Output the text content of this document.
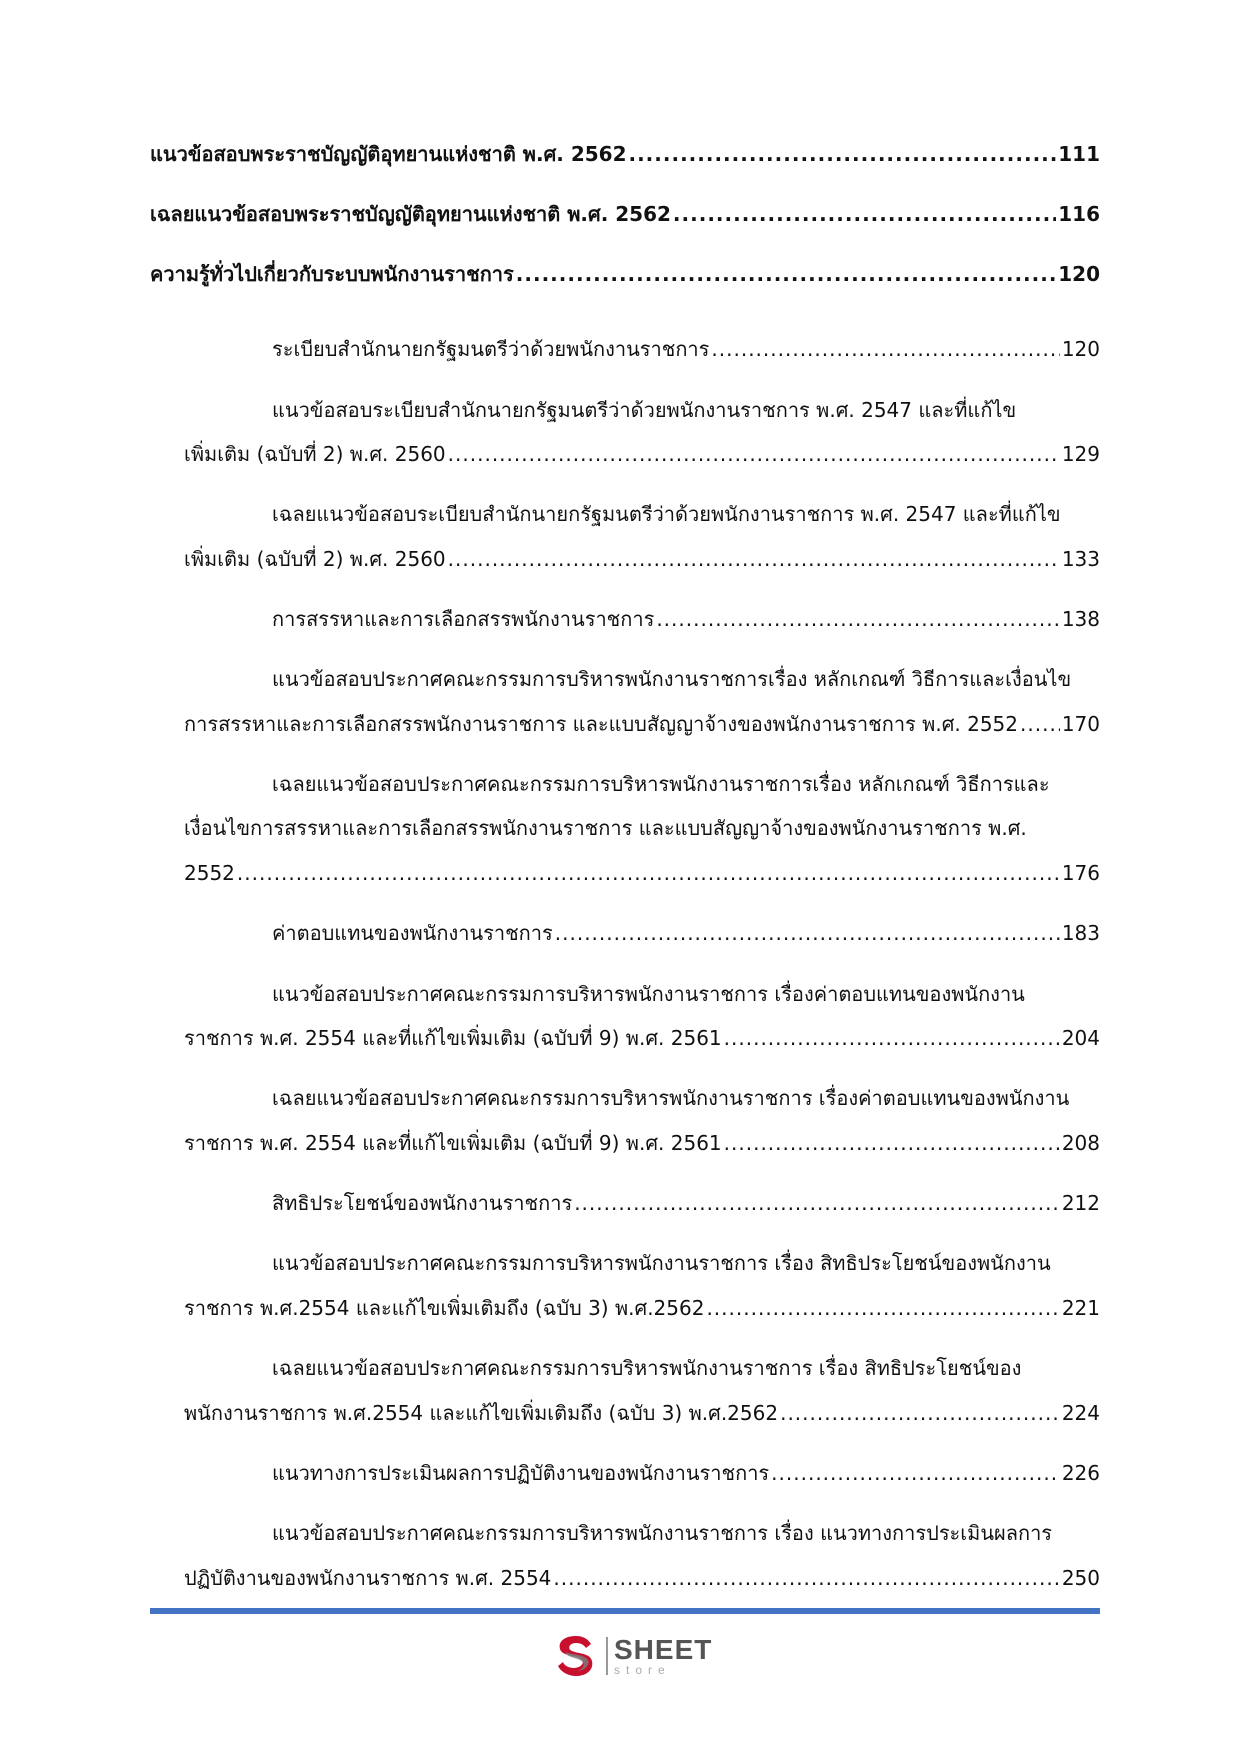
แนวข้อสอบพระราชบัญญัติอุทยานแห่งชาติ พ.ศ. 2562 .....	111
เฉลยแนวข้อสอบพระราชบัญญัติอุทยานแห่งชาติ พ.ศ. 2562 .....	116
ความรู้ทั่วไปเกี่ยวกับระบบพนักงานราชการ .....	120
ระเบียบสำนักนายกรัฐมนตรีว่าด้วยพนักงานราชการ .....	120
แนวข้อสอบระเบียบสำนักนายกรัฐมนตรีว่าด้วยพนักงานราชการ พ.ศ. 2547 และที่แก้ไข
เพิ่มเติม (ฉบับที่ 2) พ.ศ. 2560 .....	129
เฉลยแนวข้อสอบระเบียบสำนักนายกรัฐมนตรีว่าด้วยพนักงานราชการ พ.ศ. 2547 และที่แก้ไข
เพิ่มเติม (ฉบับที่ 2) พ.ศ. 2560 .....	133
การสรรหาและการเลือกสรรพนักงานราชการ .....	138
แนวข้อสอบประกาศคณะกรรมการบริหารพนักงานราชการเรื่อง หลักเกณฑ์ วิธีการและเงื่อนไข
การสรรหาและการเลือกสรรพนักงานราชการ และแบบสัญญาจ้างของพนักงานราชการ พ.ศ. 2552 ..... 170
เฉลยแนวข้อสอบประกาศคณะกรรมการบริหารพนักงานราชการเรื่อง หลักเกณฑ์ วิธีการและ
เงื่อนไขการสรรหาและการเลือกสรรพนักงานราชการ และแบบสัญญาจ้างของพนักงานราชการ พ.ศ.
2552 .....	176
ค่าตอบแทนของพนักงานราชการ .....	183
แนวข้อสอบประกาศคณะกรรมการบริหารพนักงานราชการ เรื่องค่าตอบแทนของพนักงาน
ราชการ พ.ศ. 2554 และที่แก้ไขเพิ่มเติม (ฉบับที่ 9) พ.ศ. 2561 .....	204
เฉลยแนวข้อสอบประกาศคณะกรรมการบริหารพนักงานราชการ เรื่องค่าตอบแทนของพนักงาน
ราชการ พ.ศ. 2554 และที่แก้ไขเพิ่มเติม (ฉบับที่ 9) พ.ศ. 2561 .....	208
สิทธิประโยชน์ของพนักงานราชการ .....	212
แนวข้อสอบประกาศคณะกรรมการบริหารพนักงานราชการ เรื่อง สิทธิประโยชน์ของพนักงาน
ราชการ พ.ศ.2554 และแก้ไขเพิ่มเติมถึง (ฉบับ 3) พ.ศ.2562 .....	221
เฉลยแนวข้อสอบประกาศคณะกรรมการบริหารพนักงานราชการ เรื่อง สิทธิประโยชน์ของ
พนักงานราชการ พ.ศ.2554 และแก้ไขเพิ่มเติมถึง (ฉบับ 3) พ.ศ.2562 .....	224
แนวทางการประเมินผลการปฏิบัติงานของพนักงานราชการ .....	226
แนวข้อสอบประกาศคณะกรรมการบริหารพนักงานราชการ เรื่อง แนวทางการประเมินผลการ
ปฏิบัติงานของพนักงานราชการ พ.ศ. 2554 .....	250
SHEET
store
